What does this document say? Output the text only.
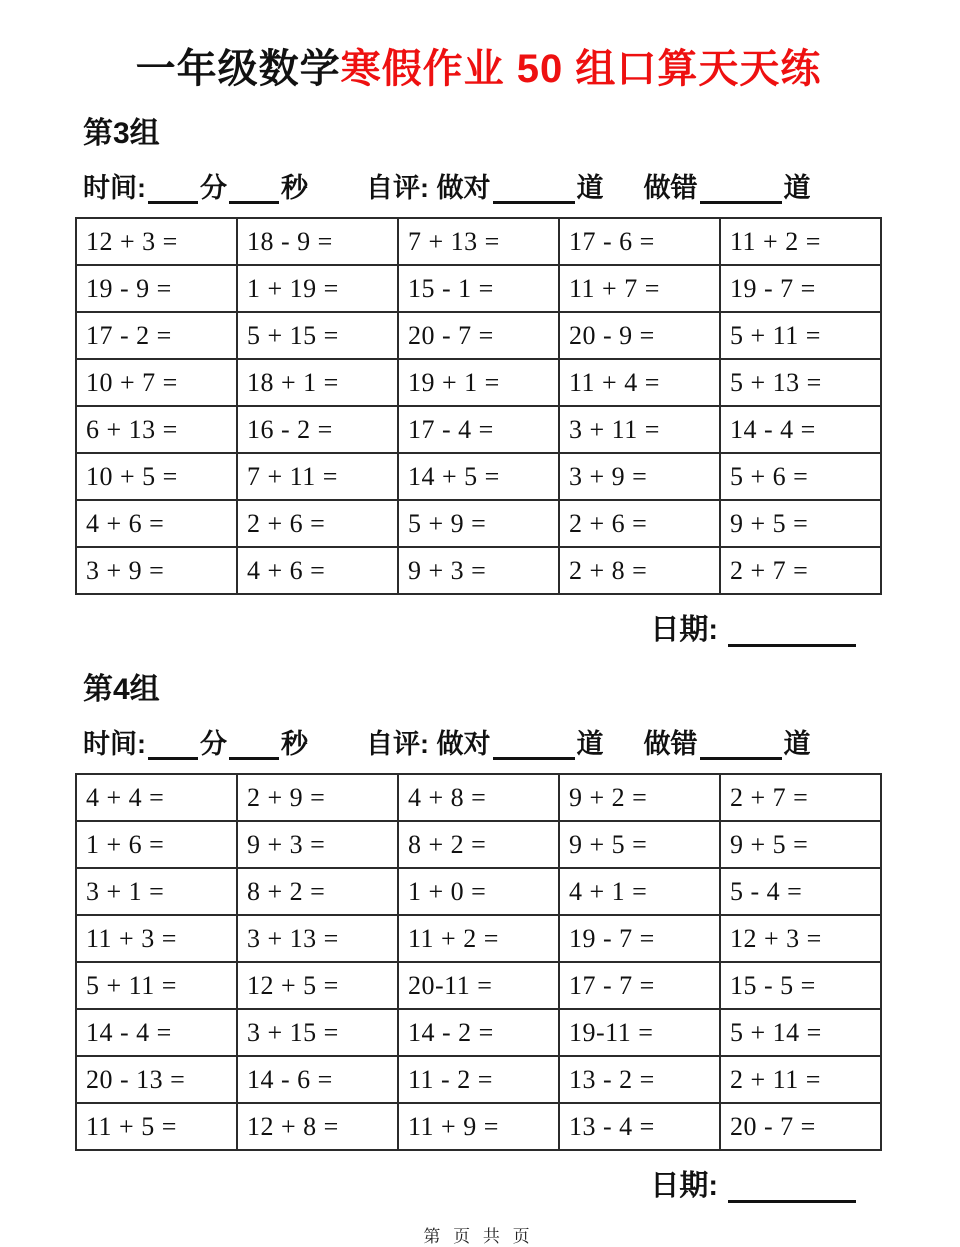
一年级数学寒假作业 50 组口算天天练
第3组
时间: 分 秒 自评: 做对	道 做错	道
12 + 3 =	18 - 9 =	7 + 13 =	17 - 6 =	11 + 2 =
19 - 9 =	1 + 19 =	15 - 1 =	11 + 7 =	19 - 7 =
17 - 2 =	5 + 15 =	20 - 7 =	20 - 9 =	5 + 11 =
10 + 7 =	18 + 1 =	19 + 1 =	11 + 4 =	5 + 13 =
6 + 13 =	16 - 2 =	17 - 4 =	3 + 11 =	14 - 4 =
10 + 5 =	7 + 11 =	14 + 5 =	3 + 9 =	5 + 6 =
4 + 6 =	2 + 6 =	5 + 9 =	2 + 6 =	9 + 5 =
3 + 9 =	4 + 6 =	9 + 3 =	2 + 8 =	2 + 7 =
日期:
第4组
时间: 分 秒 自评: 做对	道 做错	道
4 + 4 =	2 + 9 =	4 + 8 =	9 + 2 =	2 + 7 =
1 + 6 =	9 + 3 =	8 + 2 =	9 + 5 =	9 + 5 =
3 + 1 =	8 + 2 =	1 + 0 =	4 + 1 =	5 - 4 =
11 + 3 =	3 + 13 =	11 + 2 =	19 - 7 =	12 + 3 =
5 + 11 =	12 + 5 =	20-11 =	17 - 7 =	15 - 5 =
14 - 4 =	3 + 15 =	14 - 2 =	19-11 =	5 + 14 =
20 - 13 =	14 - 6 =	11 - 2 =	13 - 2 =	2 + 11 =
11 + 5 =	12 + 8 =	11 + 9 =	13 - 4 =	20 - 7 =
日期:
第 页 共 页
